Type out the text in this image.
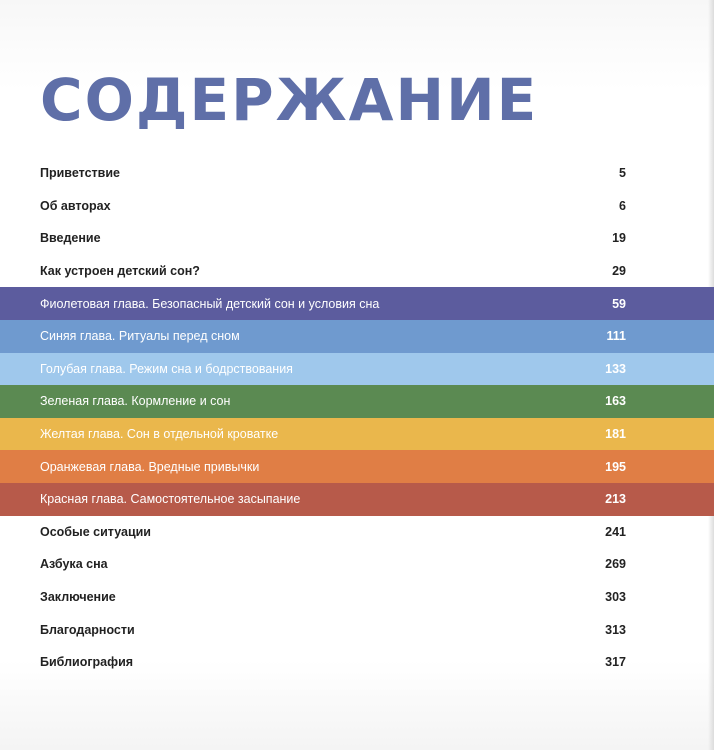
СОДЕРЖАНИЕ
Приветствие	5
Об авторах	6
Введение	19
Как устроен детский сон?	29
Фиолетовая глава. Безопасный детский сон и условия сна	59
Синяя глава. Ритуалы перед сном	111
Голубая глава. Режим сна и бодрствования	133
Зеленая глава. Кормление и сон	163
Желтая глава. Сон в отдельной кроватке	181
Оранжевая глава. Вредные привычки	195
Красная глава. Самостоятельное засыпание	213
Особые ситуации	241
Азбука сна	269
Заключение	303
Благодарности	313
Библиография	317
